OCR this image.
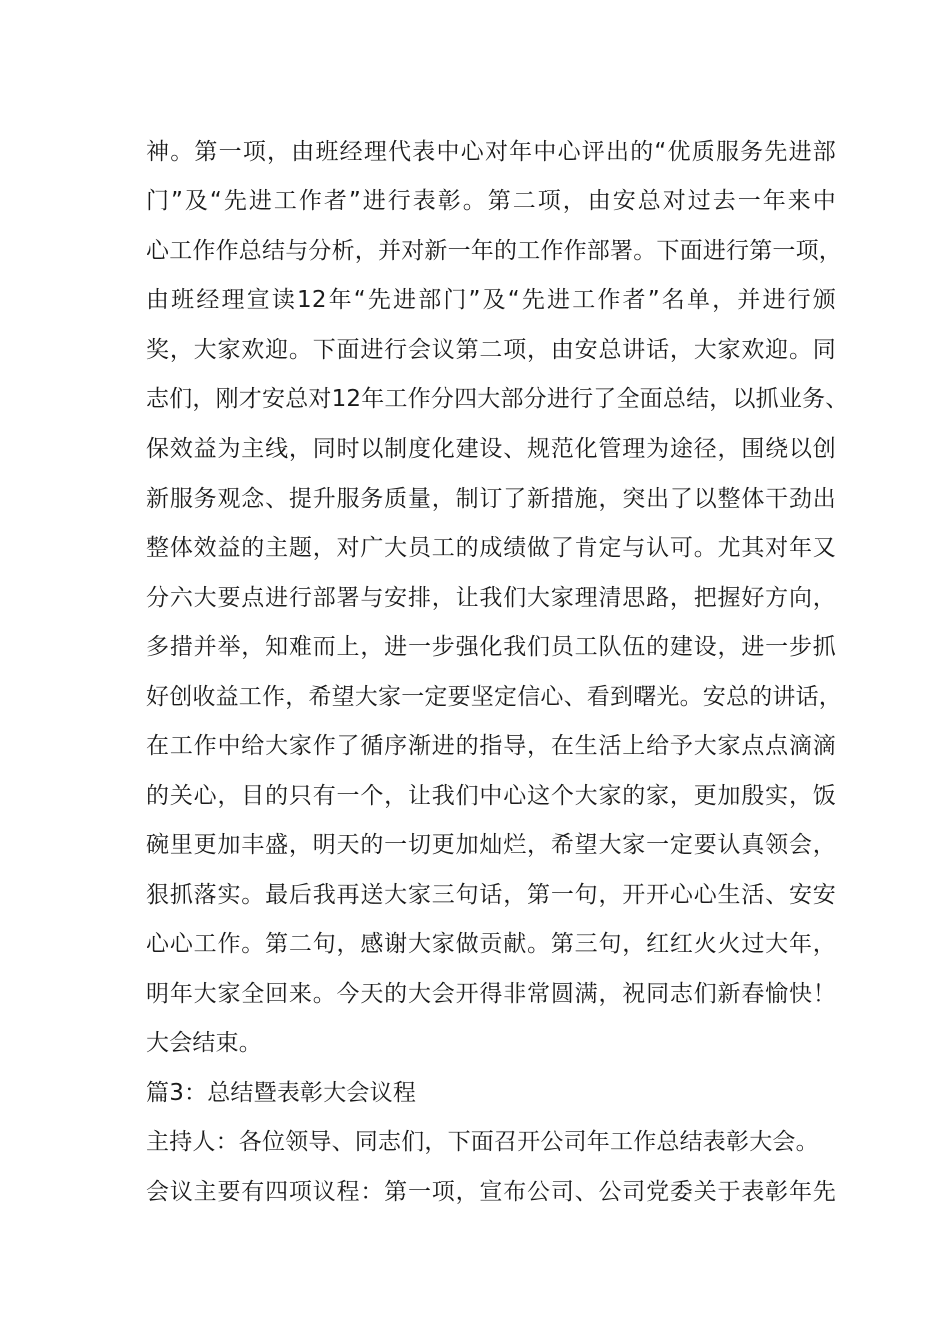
神。第一项，由班经理代表中心对年中心评出的“优质服务先进部
门”及“先进工作者”进行表彰。第二项，由安总对过去一年来中
心工作作总结与分析，并对新一年的工作作部署。下面进行第一项，
由班经理宣读12年“先进部门”及“先进工作者”名单，并进行颁
奖，大家欢迎。下面进行会议第二项，由安总讲话，大家欢迎。同
志们，刚才安总对12年工作分四大部分进行了全面总结，以抓业务、
保效益为主线，同时以制度化建设、规范化管理为途径，围绕以创
新服务观念、提升服务质量，制订了新措施，突出了以整体干劲出
整体效益的主题，对广大员工的成绩做了肯定与认可。尤其对年又
分六大要点进行部署与安排，让我们大家理清思路，把握好方向，
多措并举，知难而上，进一步强化我们员工队伍的建设，进一步抓
好创收益工作，希望大家一定要坚定信心、看到曙光。安总的讲话，
在工作中给大家作了循序渐进的指导，在生活上给予大家点点滴滴
的关心，目的只有一个，让我们中心这个大家的家，更加殷实，饭
碗里更加丰盛，明天的一切更加灿烂，希望大家一定要认真领会，
狠抓落实。最后我再送大家三句话，第一句，开开心心生活、安安
心心工作。第二句，感谢大家做贡献。第三句，红红火火过大年，
明年大家全回来。今天的大会开得非常圆满，祝同志们新春愉快！
大会结束。
篇3：总结暨表彰大会议程
主持人：各位领导、同志们，下面召开公司年工作总结表彰大会。
会议主要有四项议程：第一项，宣布公司、公司党委关于表彰年先
